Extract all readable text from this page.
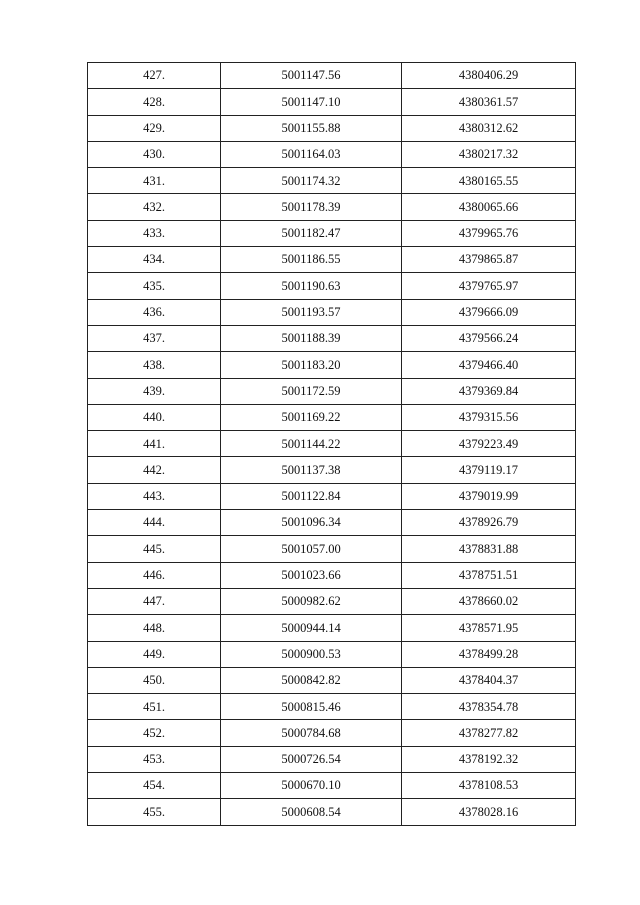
427.	5001147.56	4380406.29
428.	5001147.10	4380361.57
429.	5001155.88	4380312.62
430.	5001164.03	4380217.32
431.	5001174.32	4380165.55
432.	5001178.39	4380065.66
433.	5001182.47	4379965.76
434.	5001186.55	4379865.87
435.	5001190.63	4379765.97
436.	5001193.57	4379666.09
437.	5001188.39	4379566.24
438.	5001183.20	4379466.40
439.	5001172.59	4379369.84
440.	5001169.22	4379315.56
441.	5001144.22	4379223.49
442.	5001137.38	4379119.17
443.	5001122.84	4379019.99
444.	5001096.34	4378926.79
445.	5001057.00	4378831.88
446.	5001023.66	4378751.51
447.	5000982.62	4378660.02
448.	5000944.14	4378571.95
449.	5000900.53	4378499.28
450.	5000842.82	4378404.37
451.	5000815.46	4378354.78
452.	5000784.68	4378277.82
453.	5000726.54	4378192.32
454.	5000670.10	4378108.53
455.	5000608.54	4378028.16
